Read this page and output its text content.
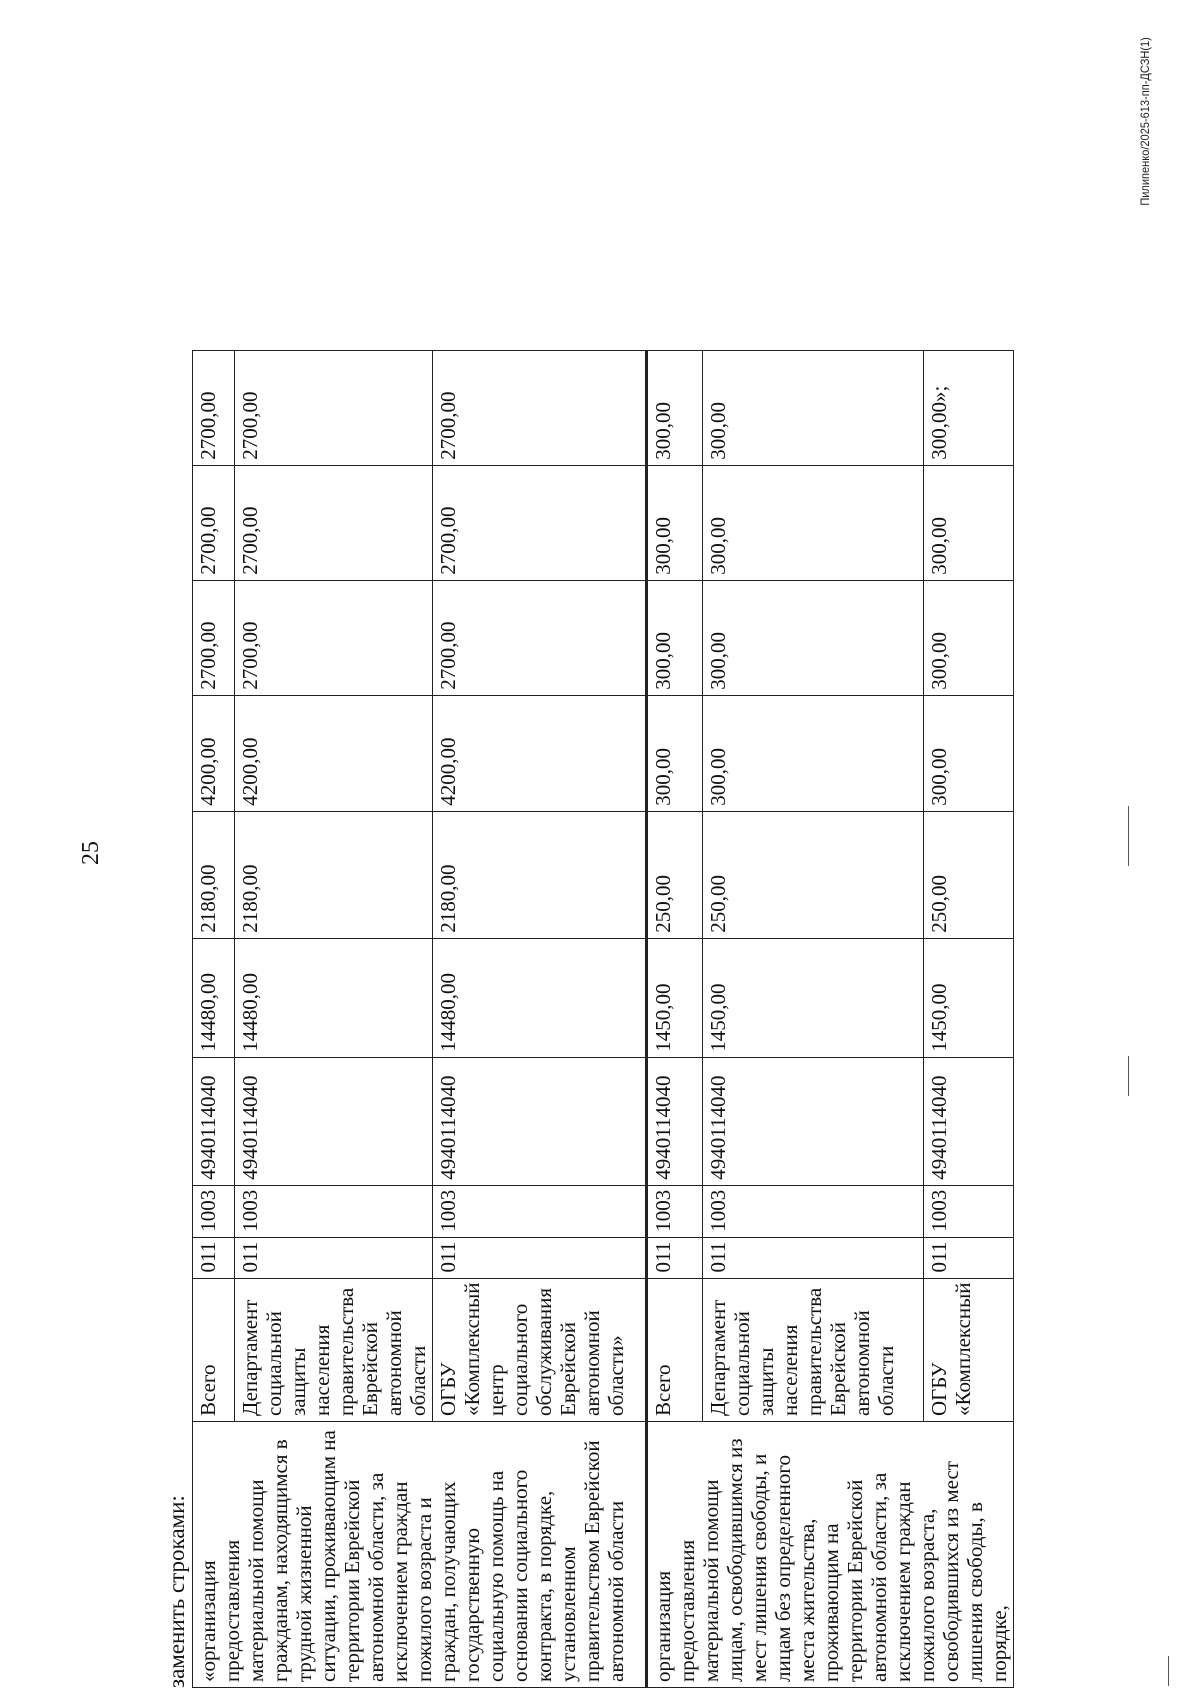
25
заменить строками: «организация предоставления материальной помощи гражданам, находящимся в трудной жизненной ситуации, проживающим на территории Еврейской автономной области, за исключением граждан пожилого возраста и граждан, получающих государственную социальную помощь на основании социального контракта, в порядке, установленном правительством Еврейской автономной области	Всего	011	1003	4940114040	14480,00	2180,00	4200,00	2700,00	2700,00	2700,00
	Департамент социальной защиты населения правительства Еврейской автономной области	011	1003	4940114040	14480,00	2180,00	4200,00	2700,00	2700,00	2700,00
	ОГБУ «Комплексный центр социального обслуживания Еврейской автономной области»	011	1003	4940114040	14480,00	2180,00	4200,00	2700,00	2700,00	2700,00
организация предоставления материальной помощи лицам, освободившимся из мест лишения свободы, и лицам без определенного места жительства, проживающим на территории Еврейской автономной области, за исключением граждан пожилого возраста, освободившихся из мест лишения свободы, в порядке,	Всего	011	1003	4940114040	1450,00	250,00	300,00	300,00	300,00	300,00
	Департамент социальной защиты населения правительства Еврейской автономной области	011	1003	4940114040	1450,00	250,00	300,00	300,00	300,00	300,00
	ОГБУ «Комплексный	011	1003	4940114040	1450,00	250,00	300,00	300,00	300,00	300,00»;
Пилипенко/2025-613-пп-ДСЗН(1)
